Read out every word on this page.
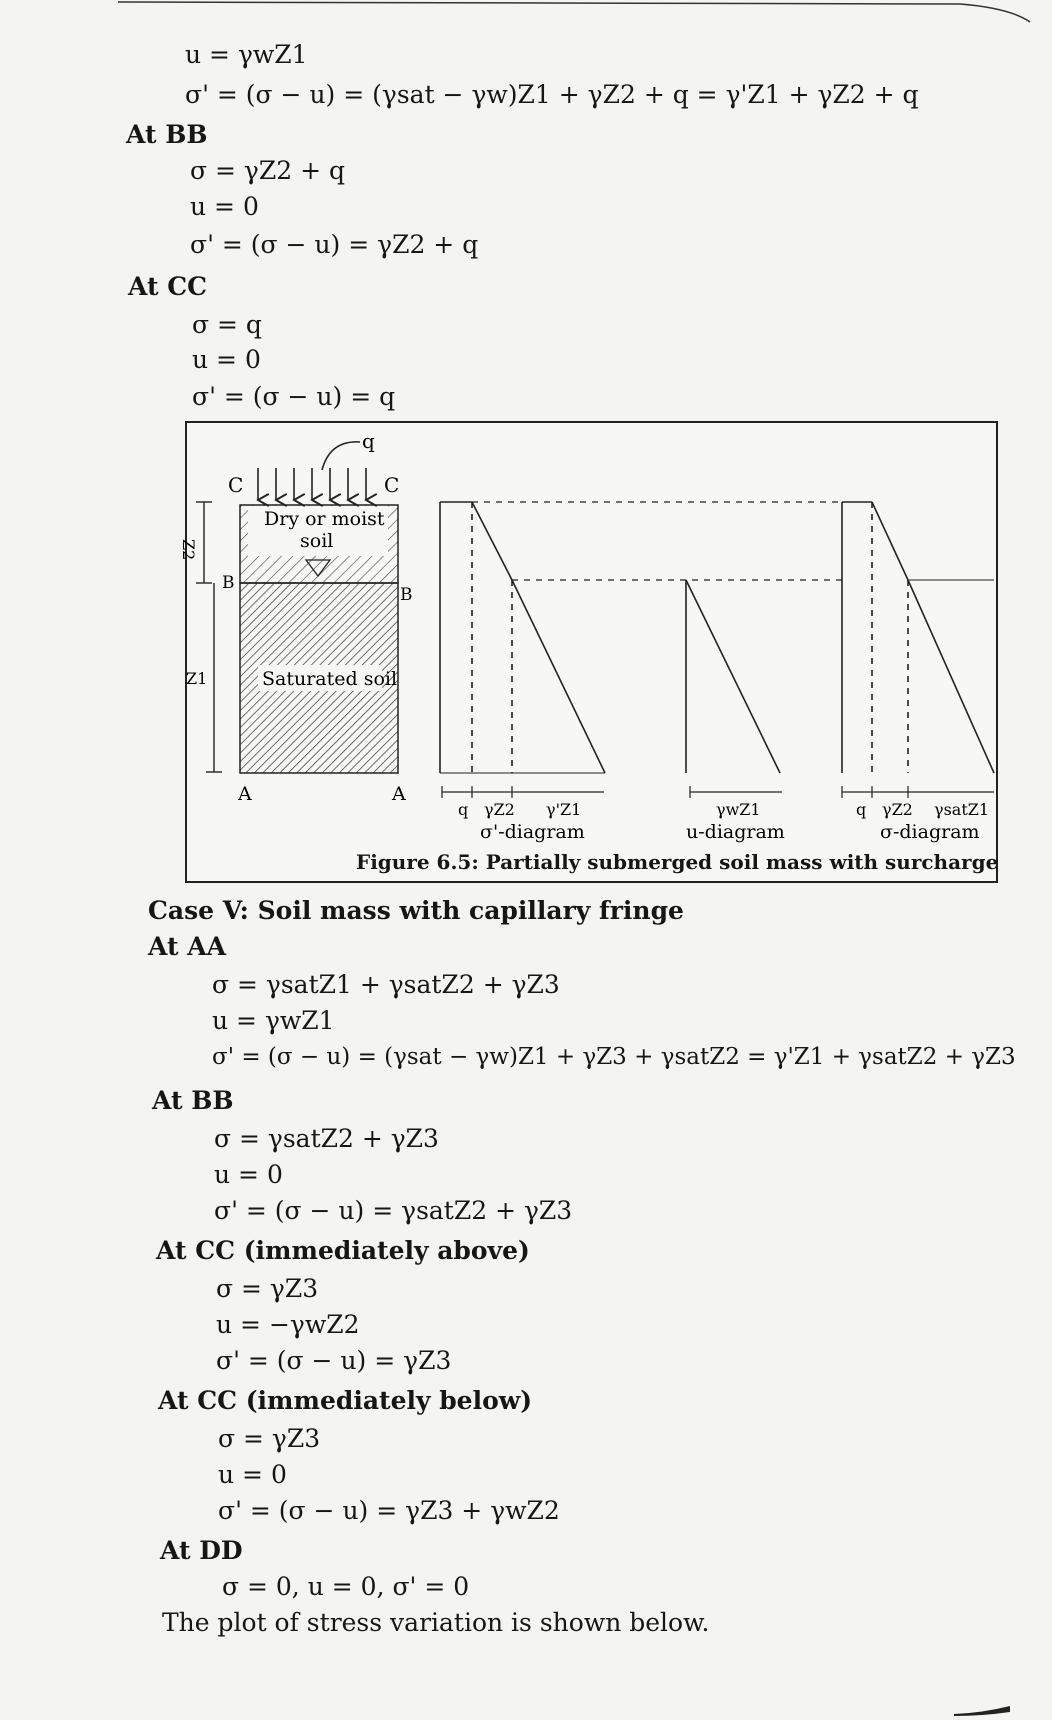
u = γwZ1
σ' = (σ − u) = (γsat − γw)Z1 + γZ2 + q = γ'Z1 + γZ2 + q
At BB
σ = γZ2 + q
u = 0
σ' = (σ − u) = γZ2 + q
At CC
σ = q
u = 0
σ' = (σ − u) = q
Dry or moist
soil
Saturated soil
q
C	C
B
B
A	A
Z2
Z1
q γZ2 γ'Z1
σ'-diagram
γwZ1
u-diagram
q γZ2 γsatZ1
σ-diagram
Figure 6.5: Partially submerged soil mass with surcharge
Case V: Soil mass with capillary fringe
At AA
σ = γsatZ1 + γsatZ2 + γZ3
u = γwZ1
σ' = (σ − u) = (γsat − γw)Z1 + γZ3 + γsatZ2 = γ'Z1 + γsatZ2 + γZ3
At BB
σ = γsatZ2 + γZ3
u = 0
σ' = (σ − u) = γsatZ2 + γZ3
At CC (immediately above)
σ = γZ3
u = −γwZ2
σ' = (σ − u) = γZ3
At CC (immediately below)
σ = γZ3
u = 0
σ' = (σ − u) = γZ3 + γwZ2
At DD
σ = 0, u = 0, σ' = 0
The plot of stress variation is shown below.
